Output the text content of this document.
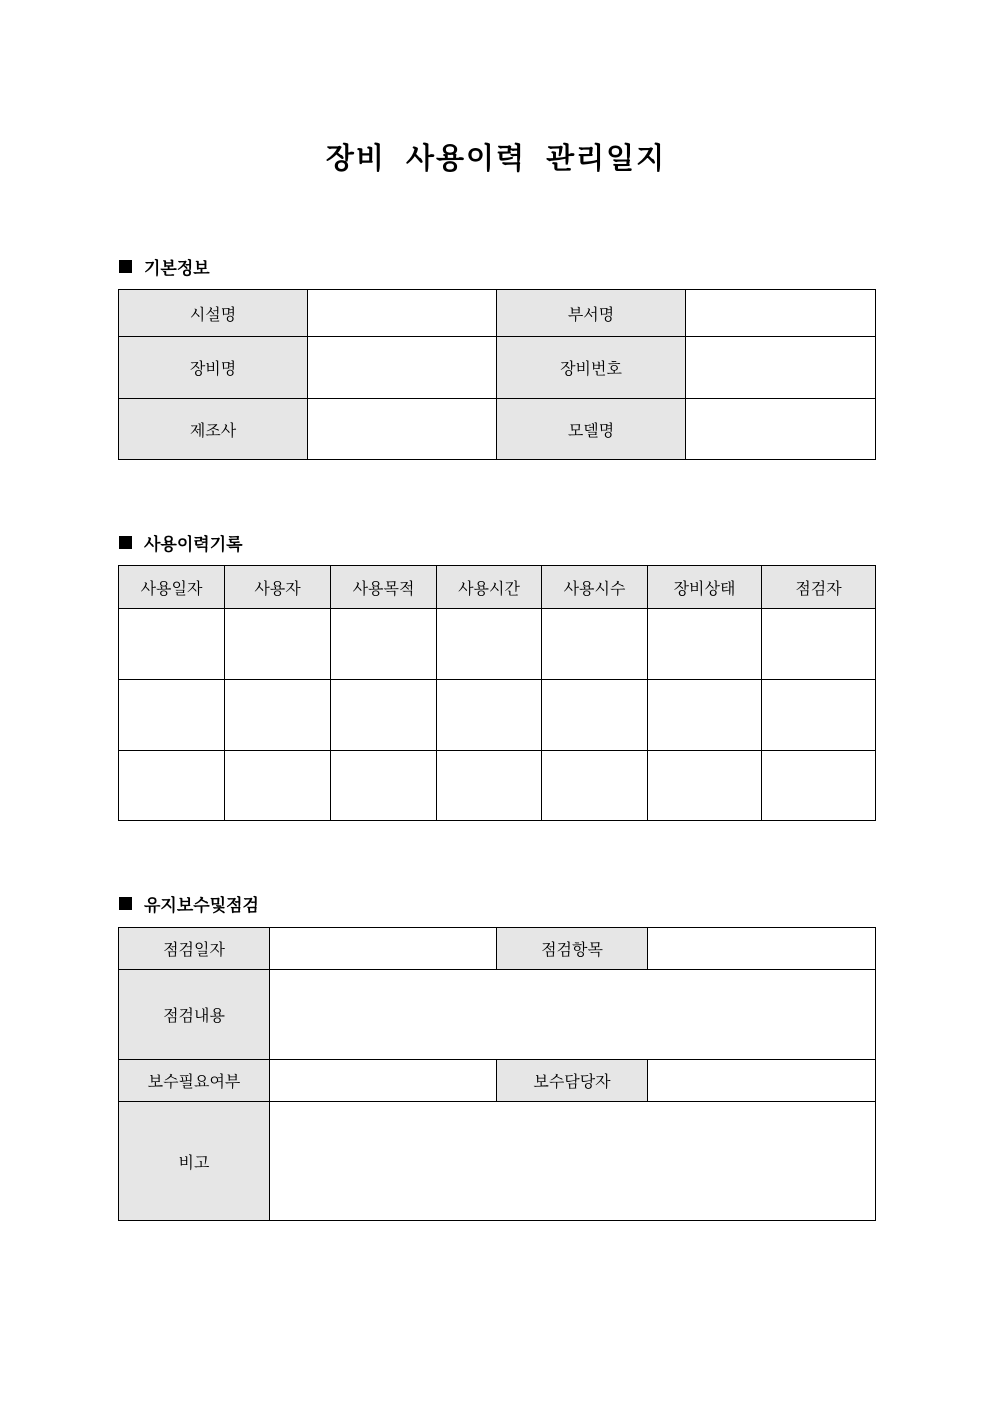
장비 사용이력 관리일지
기본정보
시설명		부서명	
장비명		장비번호	
제조사		모델명	
사용이력기록
사용일자	사용자	사용목적	사용시간	사용시수	장비상태	점검자

유지보수및점검
점검일자		점검항목	
점검내용			
보수필요여부		보수담당자	
비고			
